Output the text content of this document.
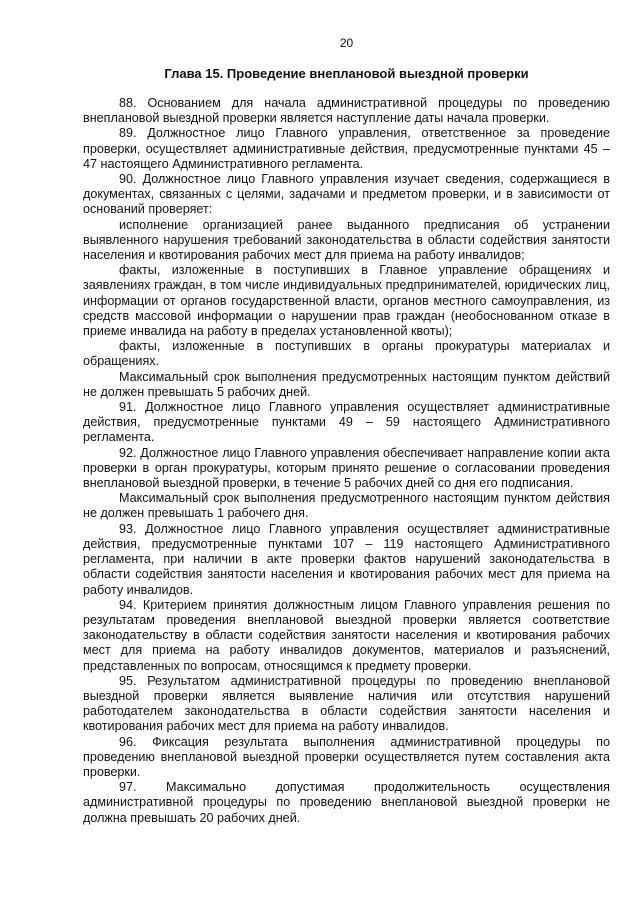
20
Глава 15. Проведение внеплановой выездной проверки

88. Основанием для начала административной процедуры по проведению внеплановой выездной проверки является наступление даты начала проверки.

89. Должностное лицо Главного управления, ответственное за проведение проверки, осуществляет административные действия, предусмотренные пунктами 45 – 47 настоящего Административного регламента.

90. Должностное лицо Главного управления изучает сведения, содержащиеся в документах, связанных с целями, задачами и предметом проверки, и в зависимости от оснований проверяет:

исполнение организацией ранее выданного предписания об устранении выявленного нарушения требований законодательства в области содействия занятости населения и квотирования рабочих мест для приема на работу инвалидов;

факты, изложенные в поступивших в Главное управление обращениях и заявлениях граждан, в том числе индивидуальных предпринимателей, юридических лиц, информации от органов государственной власти, органов местного самоуправления, из средств массовой информации о нарушении прав граждан (необоснованном отказе в приеме инвалида на работу в пределах установленной квоты);

факты, изложенные в поступивших в органы прокуратуры материалах и обращениях.

Максимальный срок выполнения предусмотренных настоящим пунктом действий не должен превышать 5 рабочих дней.

91. Должностное лицо Главного управления осуществляет административные действия, предусмотренные пунктами 49 – 59 настоящего Административного регламента.

92. Должностное лицо Главного управления обеспечивает направление копии акта проверки в орган прокуратуры, которым принято решение о согласовании проведения внеплановой выездной проверки, в течение 5 рабочих дней со дня его подписания.

Максимальный срок выполнения предусмотренного настоящим пунктом действия не должен превышать 1 рабочего дня.

93. Должностное лицо Главного управления осуществляет административные действия, предусмотренные пунктами 107 – 119 настоящего Административного регламента, при наличии в акте проверки фактов нарушений законодательства в области содействия занятости населения и квотирования рабочих мест для приема на работу инвалидов.

94. Критерием принятия должностным лицом Главного управления решения по результатам проведения внеплановой выездной проверки является соответствие законодательству в области содействия занятости населения и квотирования рабочих мест для приема на работу инвалидов документов, материалов и разъяснений, представленных по вопросам, относящимся к предмету проверки.

95. Результатом административной процедуры по проведению внеплановой выездной проверки является выявление наличия или отсутствия нарушений работодателем законодательства в области содействия занятости населения и квотирования рабочих мест для приема на работу инвалидов.

96. Фиксация результата выполнения административной процедуры по проведению внеплановой выездной проверки осуществляется путем составления акта проверки.

97. Максимально допустимая продолжительность осуществления административной процедуры по проведению внеплановой выездной проверки не должна превышать 20 рабочих дней.
